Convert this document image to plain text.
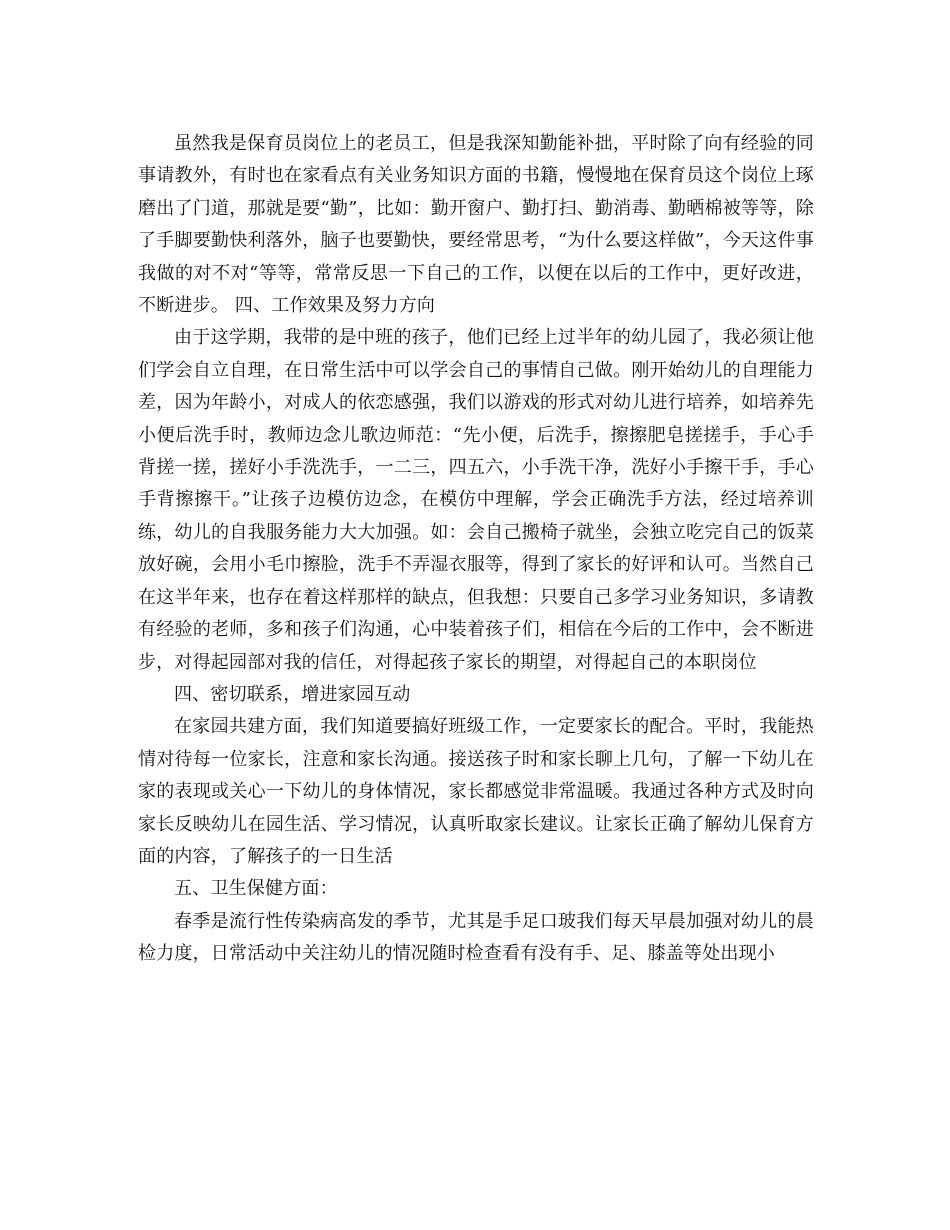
虽然我是保育员岗位上的老员工，但是我深知勤能补拙，平时除了向有经验的同事请教外，有时也在家看点有关业务知识方面的书籍，慢慢地在保育员这个岗位上琢磨出了门道，那就是要“勤”，比如：勤开窗户、勤打扫、勤消毒、勤晒棉被等等，除了手脚要勤快利落外，脑子也要勤快，要经常思考，“为什么要这样做”，今天这件事我做的对不对“等等，常常反思一下自己的工作，以便在以后的工作中，更好改进，不断进步。 四、工作效果及努力方向

由于这学期，我带的是中班的孩子，他们已经上过半年的幼儿园了，我必须让他们学会自立自理，在日常生活中可以学会自己的事情自己做。刚开始幼儿的自理能力差，因为年龄小，对成人的依恋感强，我们以游戏的形式对幼儿进行培养，如培养先小便后洗手时，教师边念儿歌边师范：“先小便，后洗手，擦擦肥皂搓搓手，手心手背搓一搓，搓好小手洗洗手，一二三，四五六，小手洗干净，洗好小手擦干手，手心手背擦擦干。”让孩子边模仿边念，在模仿中理解，学会正确洗手方法，经过培养训练，幼儿的自我服务能力大大加强。如：会自己搬椅子就坐，会独立吃完自己的饭菜放好碗，会用小毛巾擦脸，洗手不弄湿衣服等，得到了家长的好评和认可。当然自己在这半年来，也存在着这样那样的缺点，但我想：只要自己多学习业务知识，多请教有经验的老师，多和孩子们沟通，心中装着孩子们，相信在今后的工作中，会不断进步，对得起园部对我的信任，对得起孩子家长的期望，对得起自己的本职岗位

四、密切联系，增进家园互动

在家园共建方面，我们知道要搞好班级工作，一定要家长的配合。平时，我能热情对待每一位家长，注意和家长沟通。接送孩子时和家长聊上几句，了解一下幼儿在家的表现或关心一下幼儿的身体情况，家长都感觉非常温暖。我通过各种方式及时向家长反映幼儿在园生活、学习情况，认真听取家长建议。让家长正确了解幼儿保育方面的内容，了解孩子的一日生活

五、卫生保健方面：

春季是流行性传染病高发的季节，尤其是手足口玻我们每天早晨加强对幼儿的晨检力度，日常活动中关注幼儿的情况随时检查看有没有手、足、膝盖等处出现小
